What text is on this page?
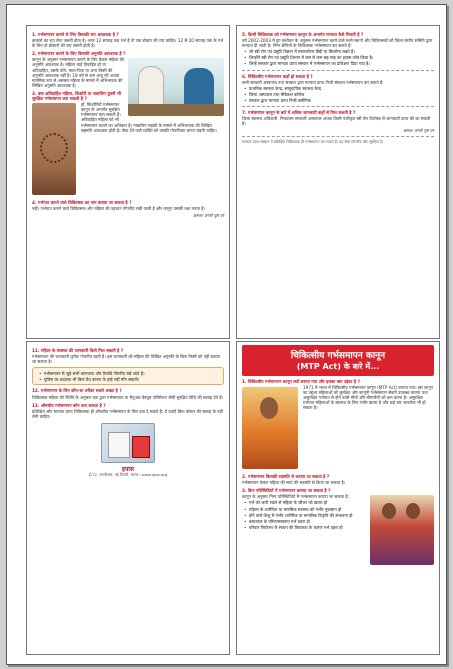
1. गर्भसमापन कराने से लिए किसकी राय आवश्यक है ?
डाक्टरों का राय लेना जरूरी होता है। अगर 12 सप्ताह तक गर्भ है तो एक डॉक्टर की राय चाहिए। 12 से 20 सप्ताह तक के गर्भ के लिए दो डॉक्टरों की राय जरूरी होती है।
2. गर्भसमापन कराने के लिए किसकी अनुमति आवश्यक है ?
कानून के अनुसार गर्भसमापन कराने के लिए केवल महिला की अनुमति आवश्यक है। महिला चाहे विवाहित हो या अविवाहित, उसके पति, माता-पिता या अन्य किसी की अनुमति आवश्यक नहीं है। 18 वर्ष से कम आयु की अथवा मानसिक रूप से अस्वस्थ महिला के मामले में अभिभावक की लिखित अनुमति आवश्यक है।
3. क्या अविवाहित महिला, किशोरी या नाबालिग युवती भी सुरक्षित गर्भसमापन करा सकती है ?
हाँ, किशोरियाँ गर्भसमापन कानून के अन्तर्गत सुरक्षित गर्भसमापन करा सकती हैं। अविवाहित महिला को भी गर्भसमापन कराने का अधिकार है। नाबालिग लड़की के मामले में अभिभावक की लिखित सहमति आवश्यक होती है। सेवा देने वाले व्यक्ति को उसकी गोपनीयता बनाए रखनी चाहिए।
4. गर्भपात कराने वाले चिकित्सक का नाम बताया जा सकता है ?
नहीं। गर्भपात कराने वाले चिकित्सक और महिला की पहचान गोपनीय रखी जाती है और कानून उसकी रक्षा करता है।
क्रमशः अगले पृष्ठ पर
5. किसी चिकित्सक को गर्भसमापन कानून के अन्तर्गत मान्यता कैसे मिलती है ?
वर्ष 2002-2003 में हुए संशोधन के अनुसार गर्भसमापन करने वाले सभी स्थानों और चिकित्सकों को जिला स्तरीय समिति द्वारा मान्यता दी जाती है। निम्न श्रेणियों के चिकित्सक गर्भसमापन कर सकते हैं:
• जो स्त्री रोग एवं प्रसूति विज्ञान में स्नातकोत्तर डिग्री या डिप्लोमा रखते हैं।
• जिन्होंने स्त्री रोग एवं प्रसूति विभाग में कम से कम छह माह का हाउस जॉब किया है।
• जिन्हें सरकार द्वारा मान्यता प्राप्त संस्थान में गर्भसमापन का प्रशिक्षण दिया गया है।
6. चिकित्सीय गर्भसमापन कहाँ हो सकता है ?
सभी सरकारी अस्पताल तथा सरकार द्वारा मान्यता प्राप्त निजी संस्थान गर्भसमापन कर सकते हैं:
• प्राथमिक स्वास्थ्य केन्द्र, सामुदायिक स्वास्थ्य केन्द्र
• जिला अस्पताल तथा मेडिकल कॉलेज
• सरकार द्वारा मान्यता प्राप्त निजी क्लीनिक
7. गर्भसमापन कानून के बारे में अधिक जानकारी कहाँ से मिल सकती है ?
जिला स्वास्थ्य अधिकारी, निकटतम सरकारी अस्पताल अथवा किसी पंजीकृत स्त्री रोग विशेषज्ञ से जानकारी प्राप्त की जा सकती है।
क्रमशः अगले पृष्ठ पर
मान्यता प्राप्त संस्थान में प्रशिक्षित चिकित्सक ही गर्भसमापन कर सकते हैं। यह सेवा गोपनीय और सुरक्षित है।
11. महिला के स्वास्थ्य की जानकारी किसे मिल सकती है ?
गर्भसमापन की जानकारी पूर्णतः गोपनीय रहती है। इस जानकारी को महिला की लिखित अनुमति के बिना किसी को नहीं बताया जा सकता है।
• गर्भसमापन से जुड़े सभी कागजात और रिकॉर्ड गोपनीय रखे जाते हैं।
• पुलिस या अदालत भी बिना वैध कारण के इन्हें नहीं माँग सकती।
12. गर्भसमापन के लिए कौन-सा तरीका सबसे अच्छा है ?
चिकित्सक महिला की स्थिति के अनुसार दवा द्वारा गर्भसमापन या मैनुअल वैक्यूम एस्पिरेशन जैसी सुरक्षित विधि की सलाह देते हैं।
13. औषधीय गर्भसमापन कौन करा सकता है ?
प्रशिक्षित और मान्यता प्राप्त चिकित्सक ही औषधीय गर्भसमापन के लिए दवा दे सकते हैं। ये दवाएँ बिना डॉक्टर की सलाह के नहीं लेनी चाहिए।
इपास
ई-72, एमपीआर, नई दिल्ली, भारत । www.ipas.org
चिकित्सीय गर्भसमापन कानून
(MTP Act) के बारे में...
1. चिकित्सीय गर्भसमापन कानून क्यों बनाया गया और इसका क्या उद्देश्य है ?
1971 में भारत में चिकित्सीय गर्भसमापन कानून (MTP Act) बनाया गया। इस कानून का उद्देश्य महिलाओं को सुरक्षित और कानूनी गर्भसमापन सेवाएँ उपलब्ध कराना तथा असुरक्षित गर्भपात से होने वाली मौतों और बीमारियों को कम करना है। असुरक्षित गर्भपात महिलाओं के स्वास्थ्य के लिए गंभीर खतरा है और कई बार जानलेवा भी हो सकता है।
2. गर्भसमापन किसकी सहमति से कराया जा सकता है ?
गर्भसमापन केवल महिला की स्वयं की सहमति से किया जा सकता है।
3. किन परिस्थितियों में गर्भसमापन कराया जा सकता है ?
कानून के अनुसार निम्न परिस्थितियों में गर्भसमापन कराया जा सकता है:
• गर्भ को जारी रखने से महिला के जीवन को खतरा हो
• महिला के शारीरिक या मानसिक स्वास्थ्य को गंभीर नुकसान हो
• होने वाले शिशु में गंभीर शारीरिक या मानसिक विकृति की संभावना हो
• बलात्कार के परिणामस्वरूप गर्भ ठहरा हो
• परिवार नियोजन के साधन की विफलता के कारण गर्भ ठहरा हो
